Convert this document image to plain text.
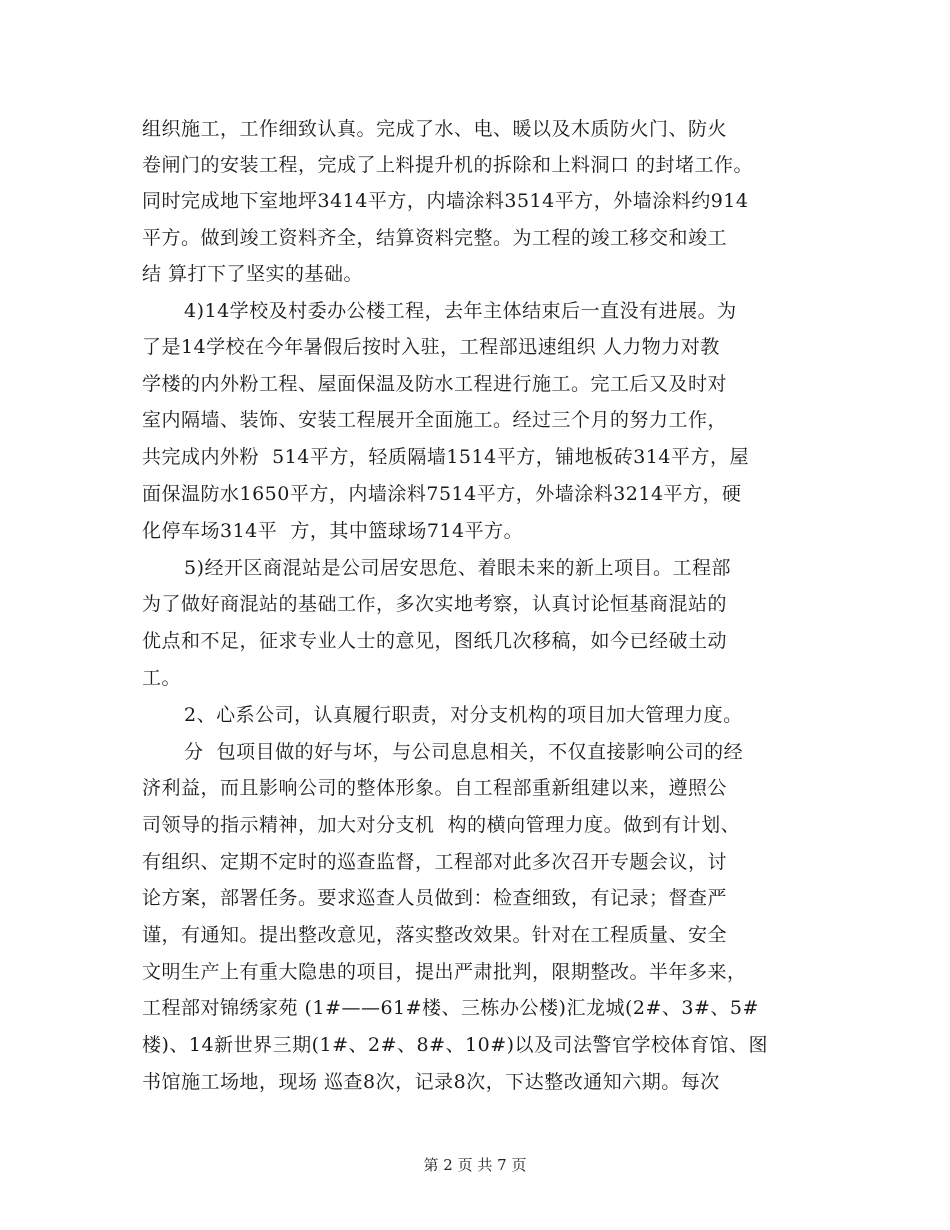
组织施工，工作细致认真。完成了水、电、暖以及木质防火门、防火
卷闸门的安装工程，完成了上料提升机的拆除和上料洞口 的封堵工作。
同时完成地下室地坪3414平方，内墙涂料3514平方，外墙涂料约914
平方。做到竣工资料齐全，结算资料完整。为工程的竣工移交和竣工
结 算打下了坚实的基础。
4)14学校及村委办公楼工程，去年主体结束后一直没有进展。为
了是14学校在今年暑假后按时入驻，工程部迅速组织 人力物力对教
学楼的内外粉工程、屋面保温及防水工程进行施工。完工后又及时对
室内隔墙、装饰、安装工程展开全面施工。经过三个月的努力工作，
共完成内外粉  514平方，轻质隔墙1514平方，铺地板砖314平方，屋
面保温防水1650平方，内墙涂料7514平方，外墙涂料3214平方，硬
化停车场314平  方，其中篮球场714平方。
5)经开区商混站是公司居安思危、着眼未来的新上项目。工程部
为了做好商混站的基础工作，多次实地考察，认真讨论恒基商混站的
优点和不足，征求专业人士的意见，图纸几次移稿，如今已经破土动
工。
2、心系公司，认真履行职责，对分支机构的项目加大管理力度。
分  包项目做的好与坏，与公司息息相关，不仅直接影响公司的经
济利益，而且影响公司的整体形象。自工程部重新组建以来，遵照公
司领导的指示精神，加大对分支机  构的横向管理力度。做到有计划、
有组织、定期不定时的巡查监督，工程部对此多次召开专题会议，讨
论方案，部署任务。要求巡查人员做到：检查细致，有记录；督查严
谨，有通知。提出整改意见，落实整改效果。针对在工程质量、安全
文明生产上有重大隐患的项目，提出严肃批判，限期整改。半年多来，
工程部对锦绣家苑 (1#——61#楼、三栋办公楼)汇龙城(2#、3#、5#
楼)、14新世界三期(1#、2#、8#、10#)以及司法警官学校体育馆、图
书馆施工场地，现场 巡查8次，记录8次，下达整改通知六期。每次
第 2 页 共 7 页
